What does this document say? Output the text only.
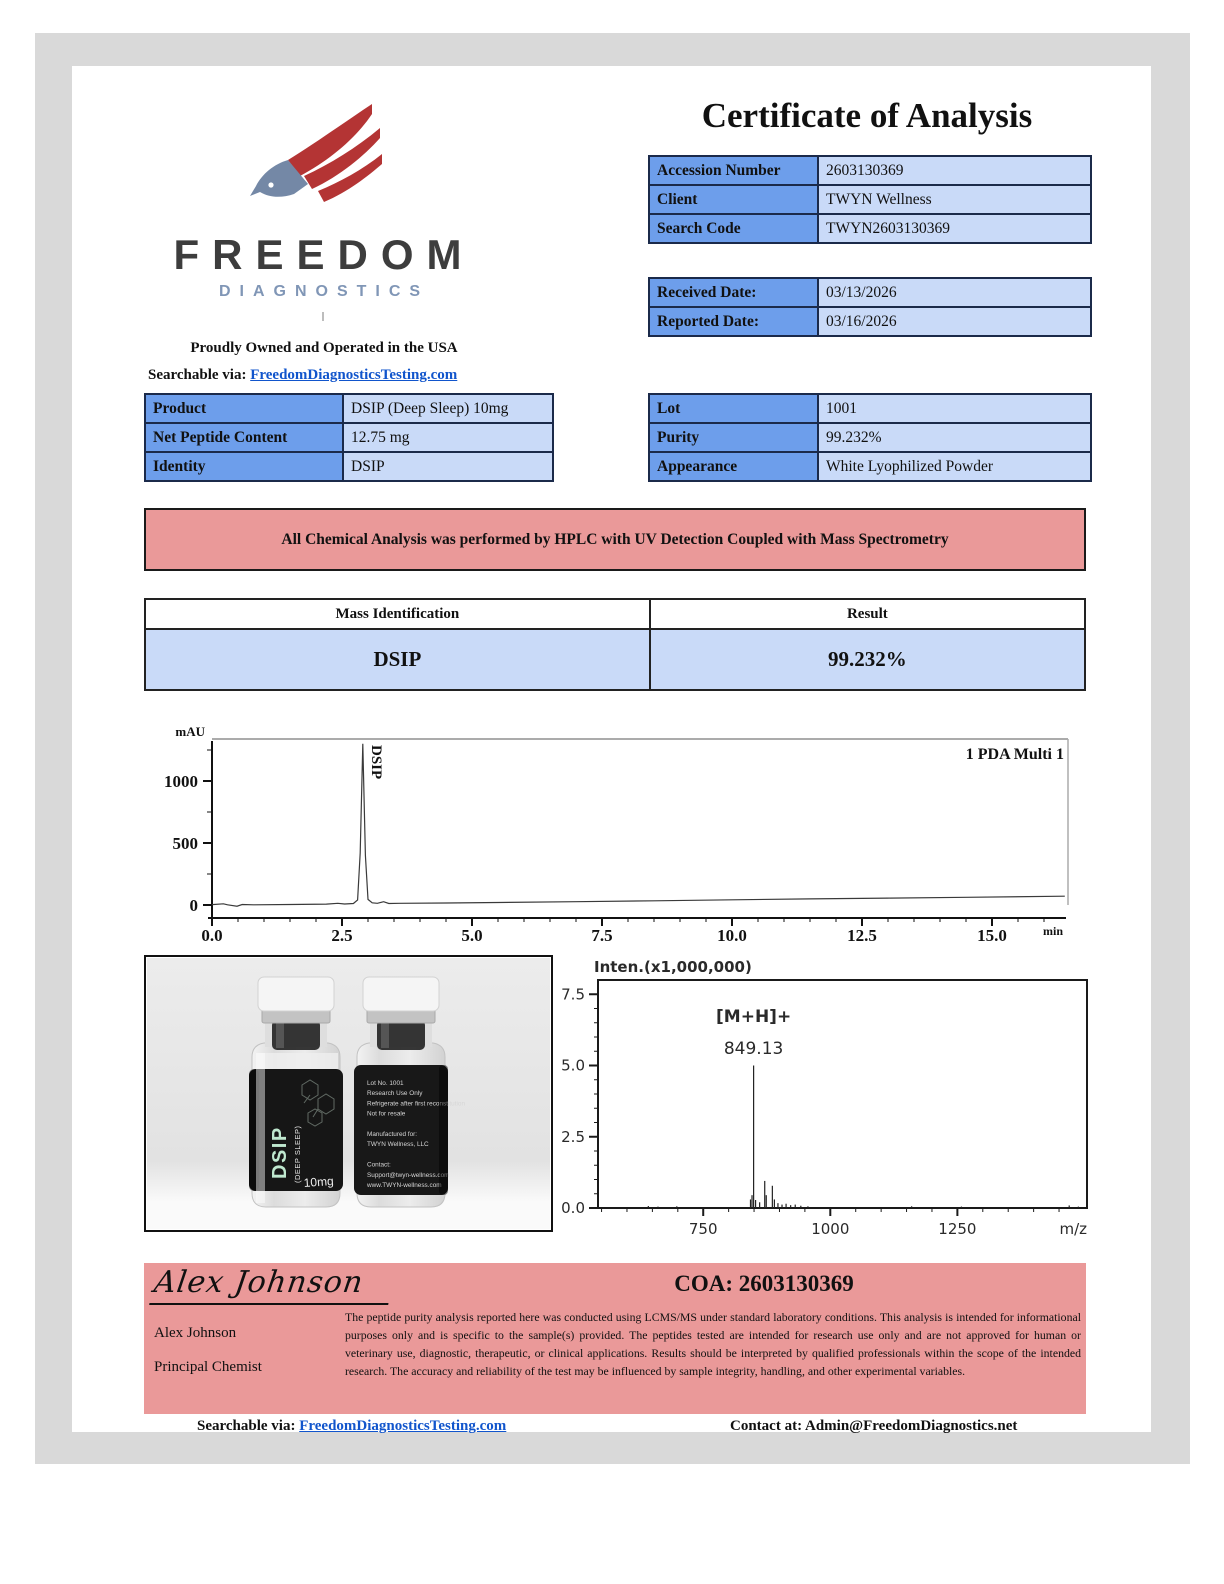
FREEDOM
DIAGNOSTICS
Proudly Owned and Operated in the USA
Searchable via: FreedomDiagnosticsTesting.com
Certificate of Analysis
Accession Number	2603130369
Client	TWYN Wellness
Search Code	TWYN2603130369
Received Date:	03/13/2026
Reported Date:	03/16/2026
Product	DSIP (Deep Sleep) 10mg
Net Peptide Content	12.75 mg
Identity	DSIP
Lot	1001
Purity	99.232%
Appearance	White Lyophilized Powder
All Chemical Analysis was performed by HPLC with UV Detection Coupled with Mass Spectrometry
Mass Identification	Result
DSIP	99.232%
mAU
0
500
1000
0.0	2.5	5.0	7.5	10.0	12.5	15.0	min
1 PDA Multi 1
DSIP
DSIP (DEEP SLEEP) 10mg
Lot No. 1001
Research Use Only
Refrigerate after first reconstitution
Not for resale
Manufactured for:
TWYN Wellness, LLC
Contact:
Support@twyn-wellness.com
www.TWYN-wellness.com
Inten.(x1,000,000)
0.0
2.5
5.0
7.5
750	1000	1250	m/z
[M+H]+
849.13
Alex Johnson
Alex Johnson
Principal Chemist
COA: 2603130369
The peptide purity analysis reported here was conducted using LCMS/MS under standard laboratory conditions. This analysis is intended for informational purposes only and is specific to the sample(s) provided. The peptides tested are intended for research use only and are not approved for human or veterinary use, diagnostic, therapeutic, or clinical applications. Results should be interpreted by qualified professionals within the scope of the intended research. The accuracy and reliability of the test may be influenced by sample integrity, handling, and other experimental variables.
Searchable via: FreedomDiagnosticsTesting.com	Contact at: Admin@FreedomDiagnostics.net
